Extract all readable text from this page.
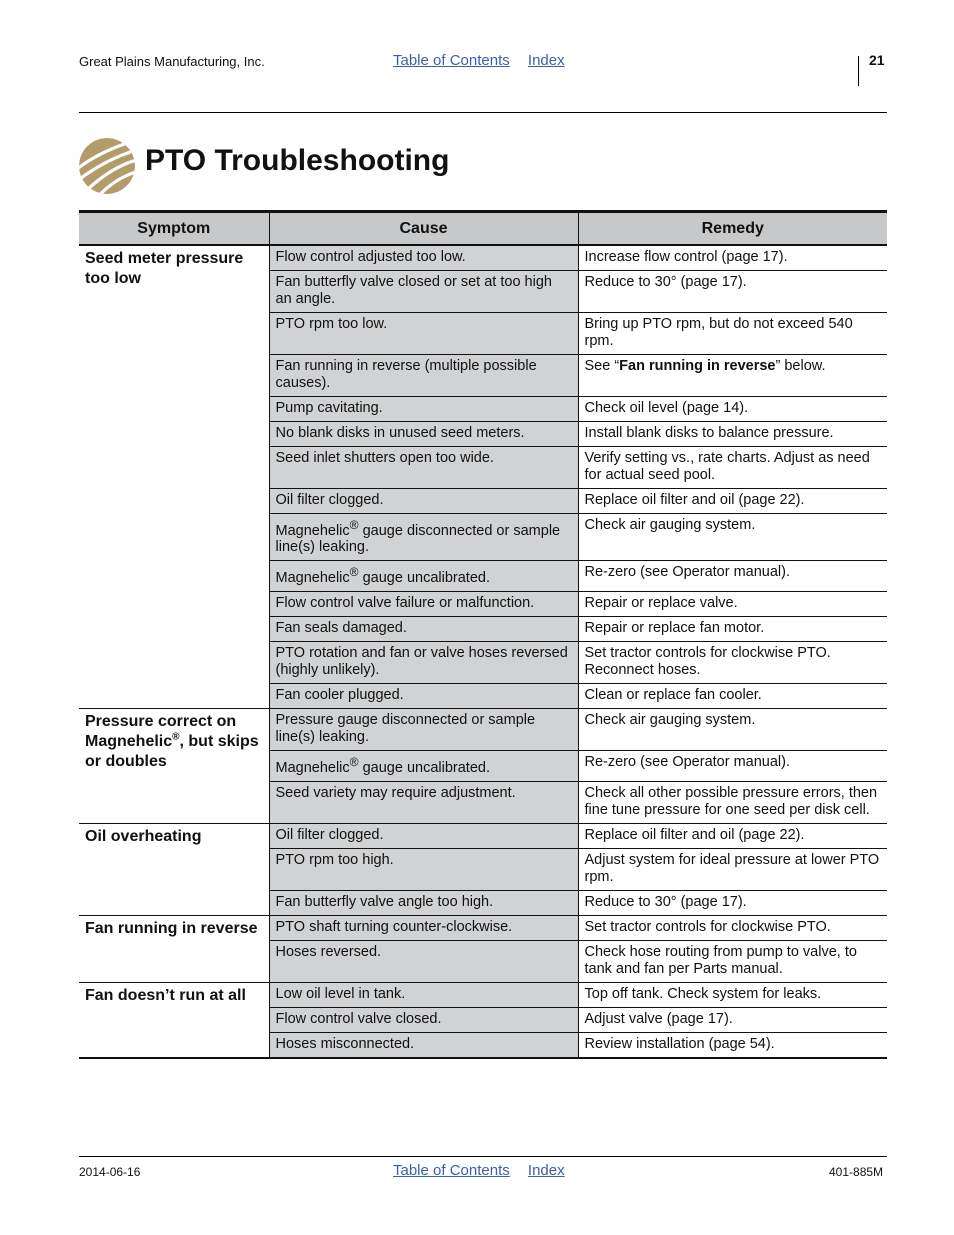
Great Plains Manufacturing, Inc.	Table of Contents Index	21
PTO Troubleshooting
Symptom	Cause	Remedy
Seed meter pressure too low	Flow control adjusted too low.	Increase flow control (page 17).
	Fan butterfly valve closed or set at too high an angle.	Reduce to 30° (page 17).
	PTO rpm too low.	Bring up PTO rpm, but do not exceed 540 rpm.
	Fan running in reverse (multiple possible causes).	See “Fan running in reverse” below.
	Pump cavitating.	Check oil level (page 14).
	No blank disks in unused seed meters.	Install blank disks to balance pressure.
	Seed inlet shutters open too wide.	Verify setting vs., rate charts. Adjust as need for actual seed pool.
	Oil filter clogged.	Replace oil filter and oil (page 22).
	Magnehelic® gauge disconnected or sample line(s) leaking.	Check air gauging system.
	Magnehelic® gauge uncalibrated.	Re-zero (see Operator manual).
	Flow control valve failure or malfunction.	Repair or replace valve.
	Fan seals damaged.	Repair or replace fan motor.
	PTO rotation and fan or valve hoses reversed (highly unlikely).	Set tractor controls for clockwise PTO. Reconnect hoses.
	Fan cooler plugged.	Clean or replace fan cooler.
Pressure correct on Magnehelic®, but skips or doubles	Pressure gauge disconnected or sample line(s) leaking.	Check air gauging system.
	Magnehelic® gauge uncalibrated.	Re-zero (see Operator manual).
	Seed variety may require adjustment.	Check all other possible pressure errors, then fine tune pressure for one seed per disk cell.
Oil overheating	Oil filter clogged.	Replace oil filter and oil (page 22).
	PTO rpm too high.	Adjust system for ideal pressure at lower PTO rpm.
	Fan butterfly valve angle too high.	Reduce to 30° (page 17).
Fan running in reverse	PTO shaft turning counter-clockwise.	Set tractor controls for clockwise PTO.
	Hoses reversed.	Check hose routing from pump to valve, to tank and fan per Parts manual.
Fan doesn’t run at all	Low oil level in tank.	Top off tank. Check system for leaks.
	Flow control valve closed.	Adjust valve (page 17).
	Hoses misconnected.	Review installation (page 54).
2014-06-16	Table of Contents Index	401-885M
